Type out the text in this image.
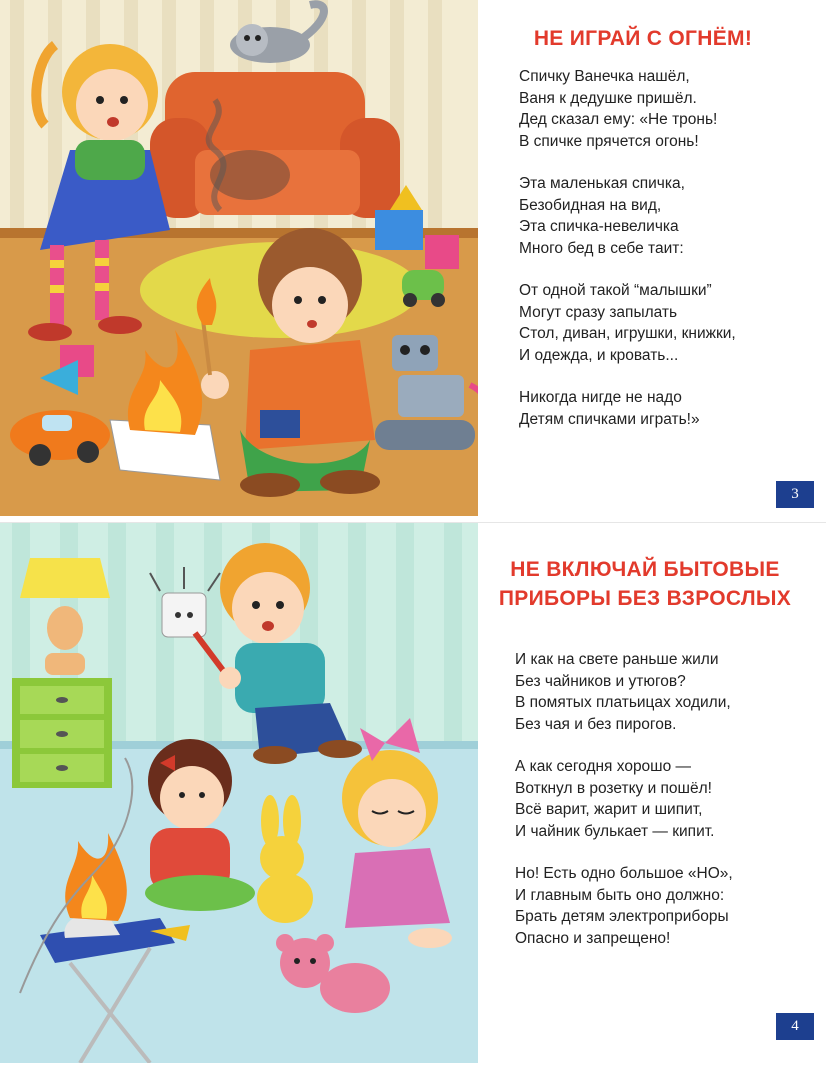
НЕ ИГРАЙ С ОГНЁМ!
Спичку Ванечка нашёл,
Ваня к дедушке пришёл.
Дед сказал ему: «Не тронь!
В спичке прячется огонь!
Эта маленькая спичка,
Безобидная на вид,
Эта спичка-невеличка
Много бед в себе таит:
От одной такой “малышки”
Могут сразу запылать
Стол, диван, игрушки, книжки,
И одежда, и кровать...
Никогда нигде не надо
Детям спичками играть!»
3
НЕ ВКЛЮЧАЙ БЫТОВЫЕ
ПРИБОРЫ БЕЗ ВЗРОСЛЫХ
И как на свете раньше жили
Без чайников и утюгов?
В помятых платьицах ходили,
Без чая и без пирогов.
А как сегодня хорошо —
Воткнул в розетку и пошёл!
Всё варит, жарит и шипит,
И чайник булькает — кипит.
Но! Есть одно большое «НО»,
И главным быть оно должно:
Брать детям электроприборы
Опасно и запрещено!
4
